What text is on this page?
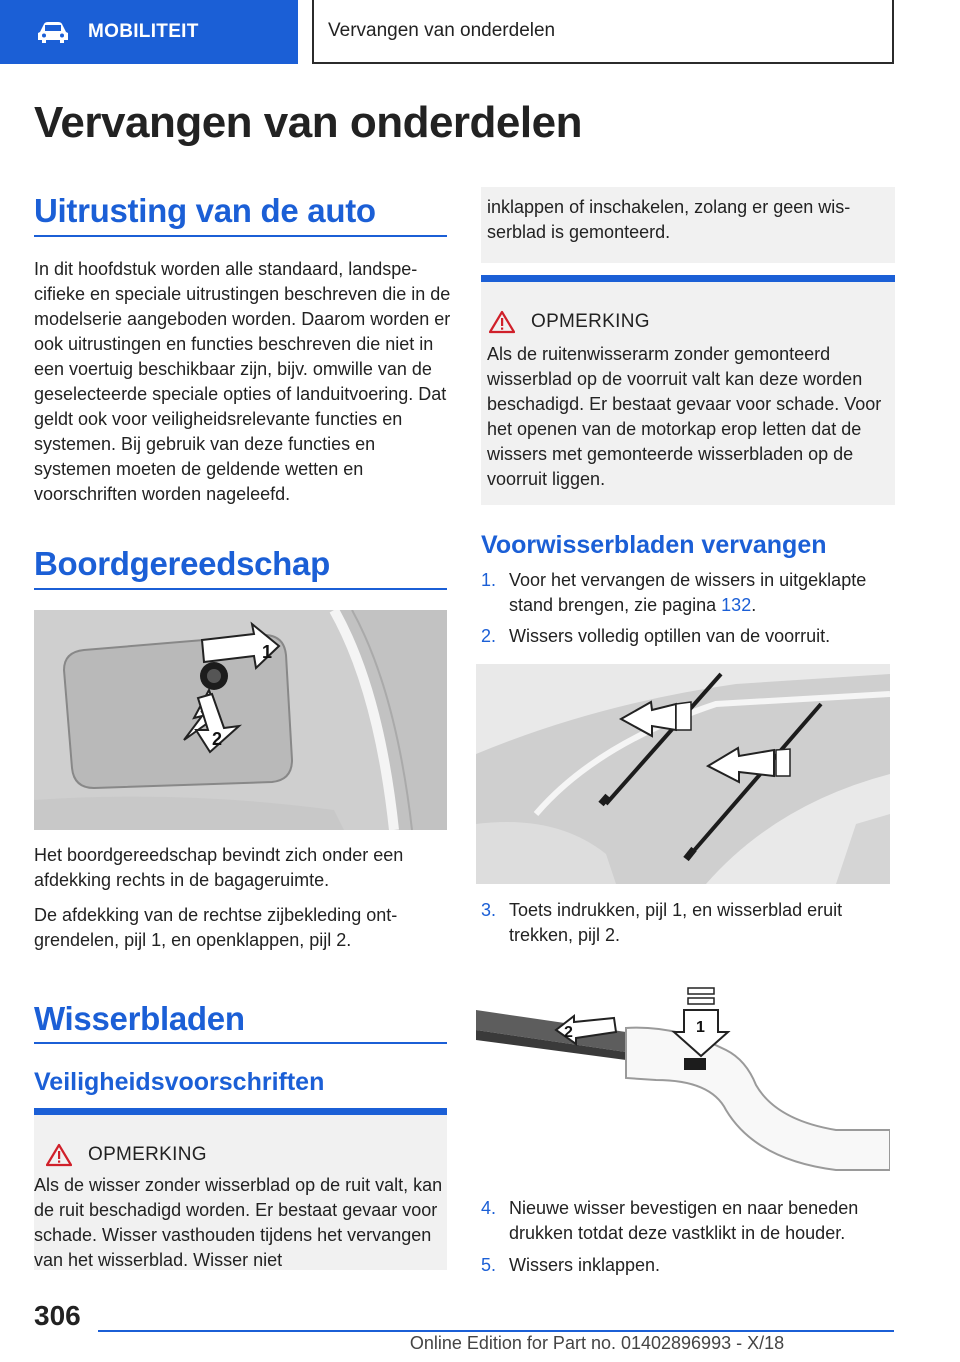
MOBILITEIT	Vervangen van onderdelen
Vervangen van onderdelen
Uitrusting van de auto
In dit hoofdstuk worden alle standaard, landspecifieke en speciale uitrustingen beschreven die in de modelserie aangeboden worden. Daarom worden er ook uitrustingen en functies beschreven die niet in een voertuig beschikbaar zijn, bijv. omwille van de geselecteerde speciale opties of landuitvoering. Dat geldt ook voor veiligheidsrelevante functies en systemen. Bij gebruik van deze functies en systemen moeten de geldende wetten en voorschriften worden nageleefd.
Boordgereedschap
1
2
Het boordgereedschap bevindt zich onder een afdekking rechts in de bagageruimte.
De afdekking van de rechtse zijbekleding ontgrendelen, pijl 1, en openklappen, pijl 2.
Wisserbladen
Veiligheidsvoorschriften
OPMERKING
Als de wisser zonder wisserblad op de ruit valt, kan de ruit beschadigd worden. Er bestaat gevaar voor schade. Wisser vasthouden tijdens het vervangen van het wisserblad. Wisser niet
inklappen of inschakelen, zolang er geen wisserblad is gemonteerd.
OPMERKING
Als de ruitenwisserarm zonder gemonteerd wisserblad op de voorruit valt kan deze worden beschadigd. Er bestaat gevaar voor schade. Voor het openen van de motorkap erop letten dat de wissers met gemonteerde wisserbladen op de voorruit liggen.
Voorwisserbladen vervangen
1. Voor het vervangen de wissers in uitgeklapte stand brengen, zie pagina 132.
2. Wissers volledig optillen van de voorruit.
3. Toets indrukken, pijl 1, en wisserblad eruit trekken, pijl 2.
2	1
4. Nieuwe wisser bevestigen en naar beneden drukken totdat deze vastklikt in de houder.
5. Wissers inklappen.
306
Online Edition for Part no. 01402896993 - X/18
